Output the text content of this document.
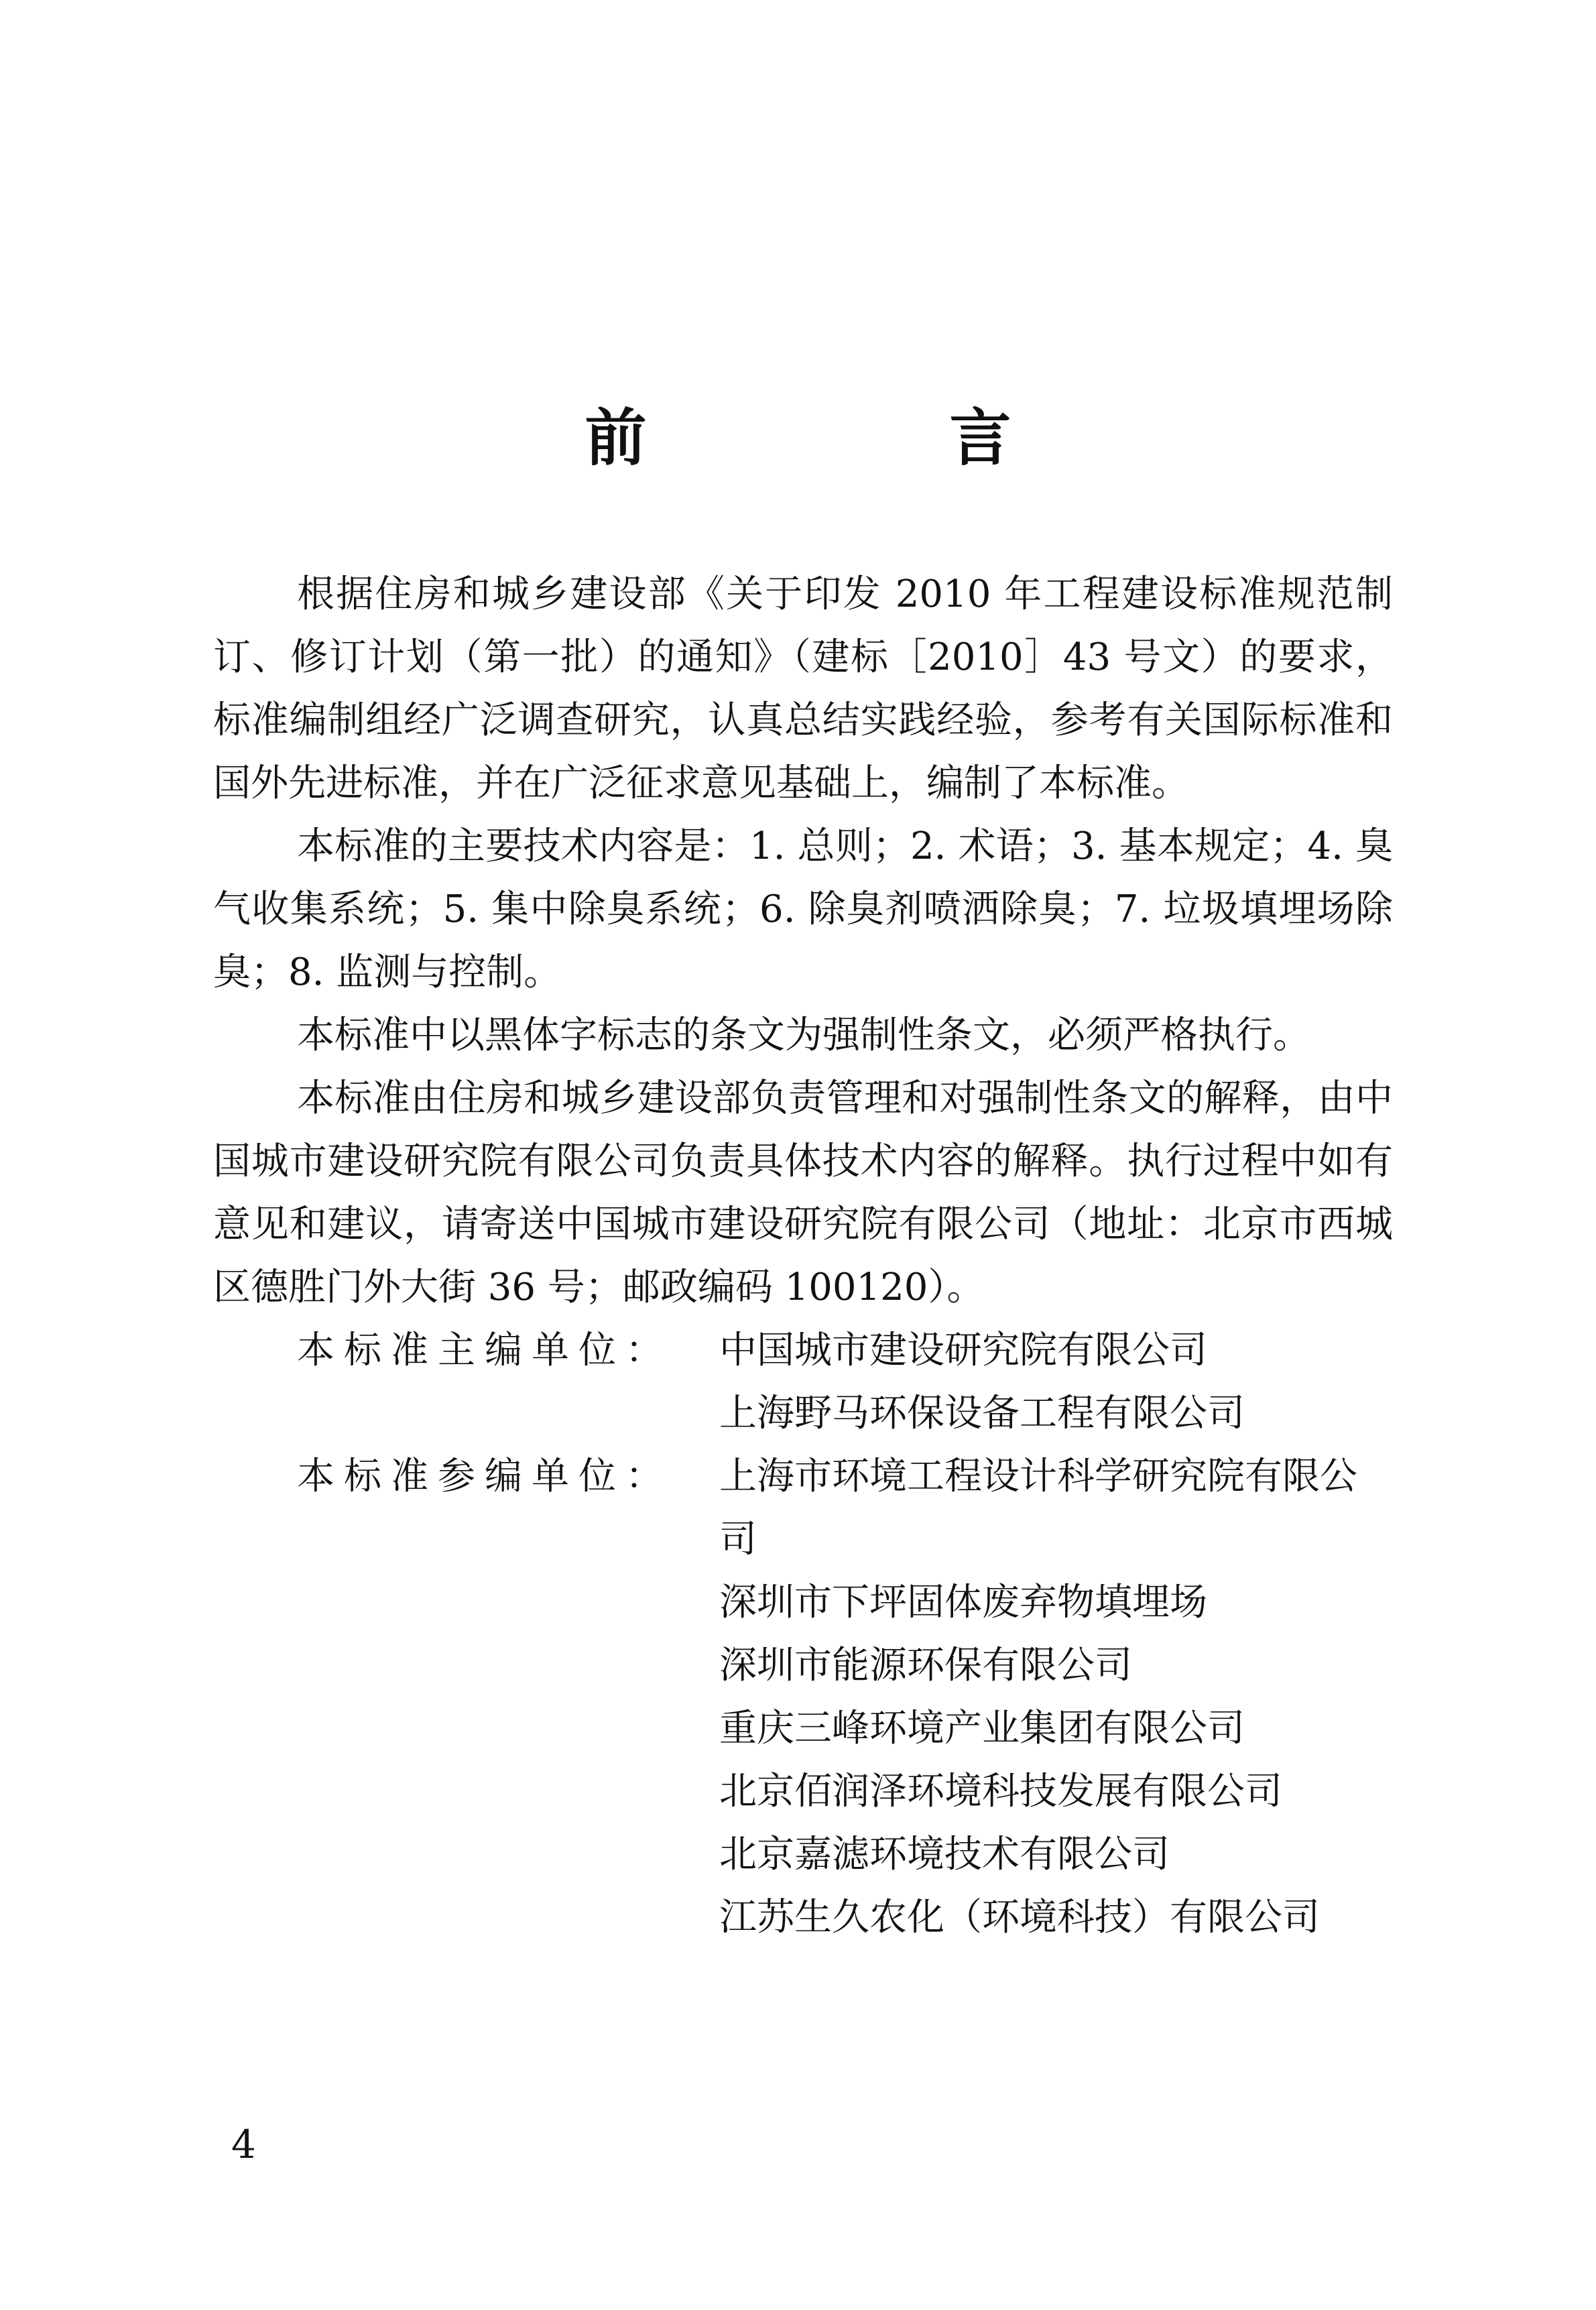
前　言

根据住房和城乡建设部《关于印发 2010 年工程建设标准规范制订、修订计划（第一批）的通知》（建标［2010］43 号文）的要求，标准编制组经广泛调查研究，认真总结实践经验，参考有关国际标准和国外先进标准，并在广泛征求意见基础上，编制了本标准。

本标准的主要技术内容是：1. 总则；2. 术语；3. 基本规定；4. 臭气收集系统；5. 集中除臭系统；6. 除臭剂喷洒除臭；7. 垃圾填埋场除臭；8. 监测与控制。

本标准中以黑体字标志的条文为强制性条文，必须严格执行。

本标准由住房和城乡建设部负责管理和对强制性条文的解释，由中国城市建设研究院有限公司负责具体技术内容的解释。执行过程中如有意见和建议，请寄送中国城市建设研究院有限公司（地址：北京市西城区德胜门外大街 36 号；邮政编码 100120）。

本标准主编单位：	中国城市建设研究院有限公司
上海野马环保设备工程有限公司
本标准参编单位：	上海市环境工程设计科学研究院有限公司
深圳市下坪固体废弃物填埋场
深圳市能源环保有限公司
重庆三峰环境产业集团有限公司
北京佰润泽环境科技发展有限公司
北京嘉滤环境技术有限公司
江苏生久农化（环境科技）有限公司
4
